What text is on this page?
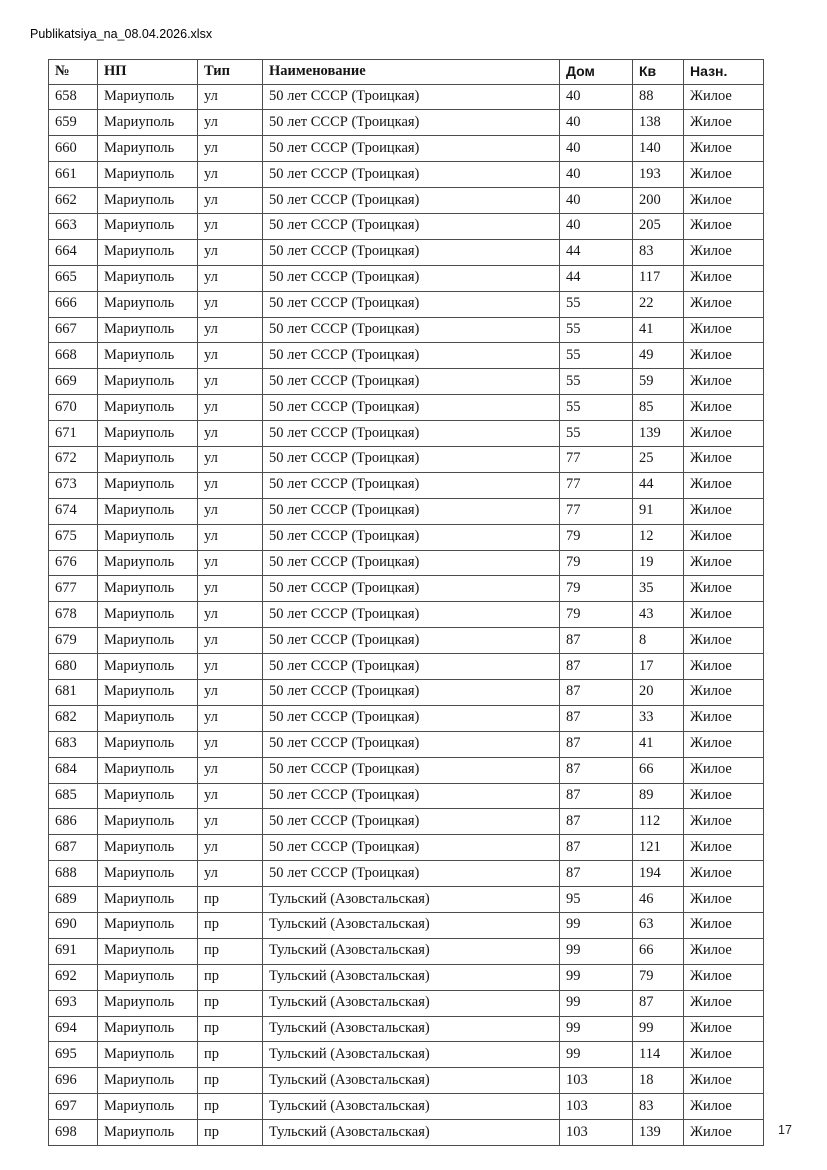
Publikatsiya_na_08.04.2026.xlsx
№	НП	Тип	Наименование	Дом	Кв	Назн.
658	Мариуполь	ул	50 лет СССР (Троицкая)	40	88	Жилое
659	Мариуполь	ул	50 лет СССР (Троицкая)	40	138	Жилое
660	Мариуполь	ул	50 лет СССР (Троицкая)	40	140	Жилое
661	Мариуполь	ул	50 лет СССР (Троицкая)	40	193	Жилое
662	Мариуполь	ул	50 лет СССР (Троицкая)	40	200	Жилое
663	Мариуполь	ул	50 лет СССР (Троицкая)	40	205	Жилое
664	Мариуполь	ул	50 лет СССР (Троицкая)	44	83	Жилое
665	Мариуполь	ул	50 лет СССР (Троицкая)	44	117	Жилое
666	Мариуполь	ул	50 лет СССР (Троицкая)	55	22	Жилое
667	Мариуполь	ул	50 лет СССР (Троицкая)	55	41	Жилое
668	Мариуполь	ул	50 лет СССР (Троицкая)	55	49	Жилое
669	Мариуполь	ул	50 лет СССР (Троицкая)	55	59	Жилое
670	Мариуполь	ул	50 лет СССР (Троицкая)	55	85	Жилое
671	Мариуполь	ул	50 лет СССР (Троицкая)	55	139	Жилое
672	Мариуполь	ул	50 лет СССР (Троицкая)	77	25	Жилое
673	Мариуполь	ул	50 лет СССР (Троицкая)	77	44	Жилое
674	Мариуполь	ул	50 лет СССР (Троицкая)	77	91	Жилое
675	Мариуполь	ул	50 лет СССР (Троицкая)	79	12	Жилое
676	Мариуполь	ул	50 лет СССР (Троицкая)	79	19	Жилое
677	Мариуполь	ул	50 лет СССР (Троицкая)	79	35	Жилое
678	Мариуполь	ул	50 лет СССР (Троицкая)	79	43	Жилое
679	Мариуполь	ул	50 лет СССР (Троицкая)	87	8	Жилое
680	Мариуполь	ул	50 лет СССР (Троицкая)	87	17	Жилое
681	Мариуполь	ул	50 лет СССР (Троицкая)	87	20	Жилое
682	Мариуполь	ул	50 лет СССР (Троицкая)	87	33	Жилое
683	Мариуполь	ул	50 лет СССР (Троицкая)	87	41	Жилое
684	Мариуполь	ул	50 лет СССР (Троицкая)	87	66	Жилое
685	Мариуполь	ул	50 лет СССР (Троицкая)	87	89	Жилое
686	Мариуполь	ул	50 лет СССР (Троицкая)	87	112	Жилое
687	Мариуполь	ул	50 лет СССР (Троицкая)	87	121	Жилое
688	Мариуполь	ул	50 лет СССР (Троицкая)	87	194	Жилое
689	Мариуполь	пр	Тульский (Азовстальская)	95	46	Жилое
690	Мариуполь	пр	Тульский (Азовстальская)	99	63	Жилое
691	Мариуполь	пр	Тульский (Азовстальская)	99	66	Жилое
692	Мариуполь	пр	Тульский (Азовстальская)	99	79	Жилое
693	Мариуполь	пр	Тульский (Азовстальская)	99	87	Жилое
694	Мариуполь	пр	Тульский (Азовстальская)	99	99	Жилое
695	Мариуполь	пр	Тульский (Азовстальская)	99	114	Жилое
696	Мариуполь	пр	Тульский (Азовстальская)	103	18	Жилое
697	Мариуполь	пр	Тульский (Азовстальская)	103	83	Жилое
698	Мариуполь	пр	Тульский (Азовстальская)	103	139	Жилое	17
